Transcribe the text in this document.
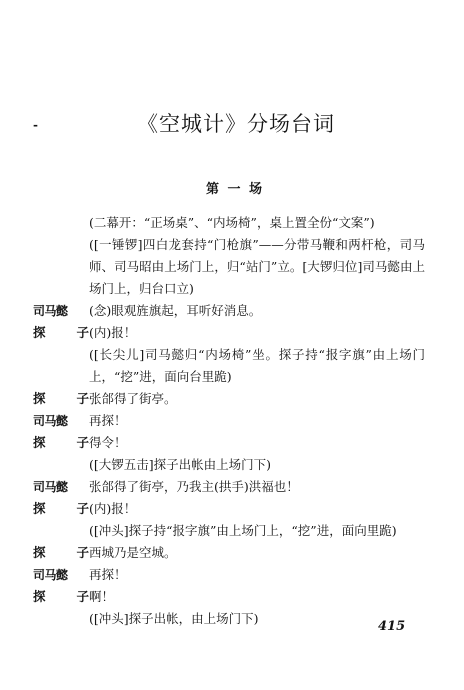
-	《空城计》分场台词
第 一 场
(二幕开：“正场桌”、“内场椅”，桌上置全份“文案”)
([一锤锣]四白龙套持“门枪旗”——分带马鞭和两杆枪，司马师、司马昭由上场门上，归“站门”立。[大锣归位]司马懿由上场门上，归台口立)
司马懿	(念)眼观旌旗起，耳听好消息。
探 子 (内)报！
([长尖儿]司马懿归“内场椅”坐。探子持“报字旗”由上场门上，“挖”进，面向台里跪)
探 子 张郃得了街亭。
司马懿	再探！
探 子 得令！
([大锣五击]探子出帐由上场门下)
司马懿	张郃得了街亭，乃我主(拱手)洪福也！
探 子 (内)报！
([冲头]探子持“报字旗”由上场门上，“挖”进，面向里跪)
探 子 西城乃是空城。
司马懿	再探！
探 子 啊！
([冲头]探子出帐，由上场门下)
415
